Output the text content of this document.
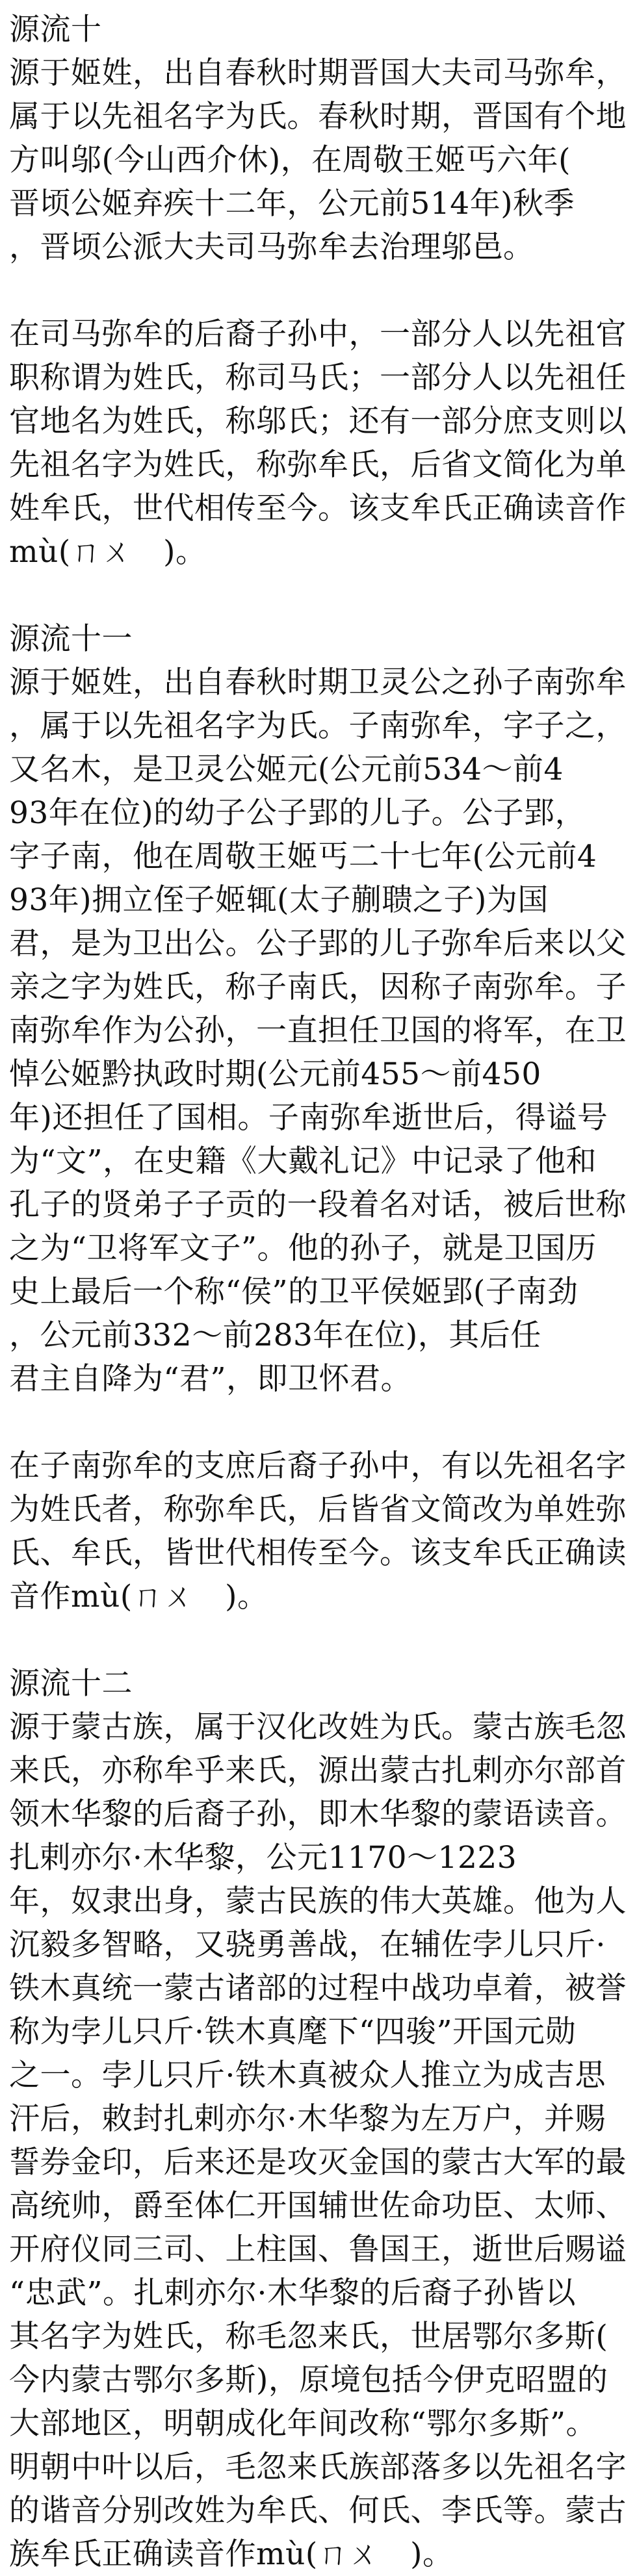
源流十
源于姬姓，出自春秋时期晋国大夫司马弥牟，
属于以先祖名字为氏。春秋时期，晋国有个地
方叫邬(今山西介休)，在周敬王姬丐六年(
晋顷公姬弃疾十二年，公元前514年)秋季
，晋顷公派大夫司马弥牟去治理邬邑。
在司马弥牟的后裔子孙中，一部分人以先祖官
职称谓为姓氏，称司马氏；一部分人以先祖任
官地名为姓氏，称邬氏；还有一部分庶支则以
先祖名字为姓氏，称弥牟氏，后省文简化为单
姓牟氏，世代相传至今。该支牟氏正确读音作
mù(ㄇㄨ　)。
源流十一
源于姬姓，出自春秋时期卫灵公之孙子南弥牟
，属于以先祖名字为氏。子南弥牟，字子之，
又名木，是卫灵公姬元(公元前534～前4
93年在位)的幼子公子郢的儿子。公子郢，
字子南，他在周敬王姬丐二十七年(公元前4
93年)拥立侄子姬辄(太子蒯聩之子)为国
君，是为卫出公。公子郢的儿子弥牟后来以父
亲之字为姓氏，称子南氏，因称子南弥牟。子
南弥牟作为公孙，一直担任卫国的将军，在卫
悼公姬黔执政时期(公元前455～前450
年)还担任了国相。子南弥牟逝世后，得谥号
为“文”，在史籍《大戴礼记》中记录了他和
孔子的贤弟子子贡的一段着名对话，被后世称
之为“卫将军文子”。他的孙子，就是卫国历
史上最后一个称“侯”的卫平侯姬郢(子南劲
，公元前332～前283年在位)，其后任
君主自降为“君”，即卫怀君。
在子南弥牟的支庶后裔子孙中，有以先祖名字
为姓氏者，称弥牟氏，后皆省文简改为单姓弥
氏、牟氏，皆世代相传至今。该支牟氏正确读
音作mù(ㄇㄨ　)。
源流十二
源于蒙古族，属于汉化改姓为氏。蒙古族毛忽
来氏，亦称牟乎来氏，源出蒙古扎剌亦尔部首
领木华黎的后裔子孙，即木华黎的蒙语读音。
扎剌亦尔·木华黎，公元1170～1223
年，奴隶出身，蒙古民族的伟大英雄。他为人
沉毅多智略，又骁勇善战，在辅佐孛儿只斤·
铁木真统一蒙古诸部的过程中战功卓着，被誉
称为孛儿只斤·铁木真麾下“四骏”开国元勋
之一。孛儿只斤·铁木真被众人推立为成吉思
汗后，敕封扎剌亦尔·木华黎为左万户，并赐
誓券金印，后来还是攻灭金国的蒙古大军的最
高统帅，爵至体仁开国辅世佐命功臣、太师、
开府仪同三司、上柱国、鲁国王，逝世后赐谥
“忠武”。扎剌亦尔·木华黎的后裔子孙皆以
其名字为姓氏，称毛忽来氏，世居鄂尔多斯(
今内蒙古鄂尔多斯)，原境包括今伊克昭盟的
大部地区，明朝成化年间改称“鄂尔多斯”。
明朝中叶以后，毛忽来氏族部落多以先祖名字
的谐音分别改姓为牟氏、何氏、李氏等。蒙古
族牟氏正确读音作mù(ㄇㄨ　)。
